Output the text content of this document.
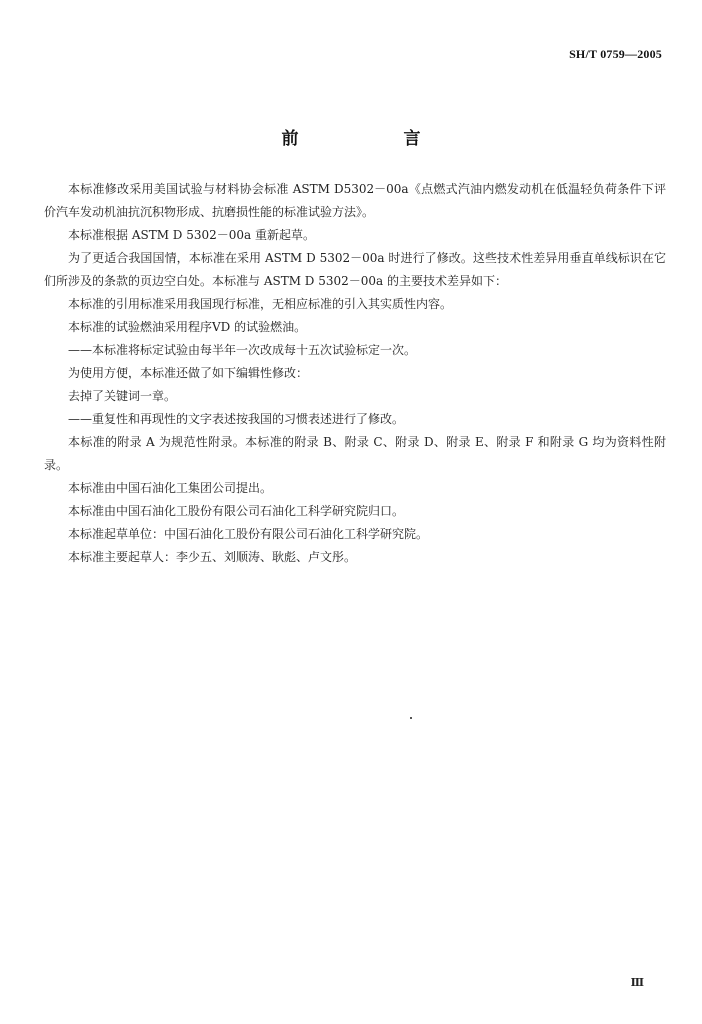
SH/T 0759—2005
前　言

本标准修改采用美国试验与材料协会标准 ASTM D5302－00a《点燃式汽油内燃发动机在低温轻负荷条件下评价汽车发动机油抗沉积物形成、抗磨损性能的标准试验方法》。

本标准根据 ASTM D 5302－00a 重新起草。

为了更适合我国国情，本标准在采用 ASTM D 5302－00a 时进行了修改。这些技术性差异用垂直单线标识在它们所涉及的条款的页边空白处。本标准与 ASTM D 5302－00a 的主要技术差异如下：

本标准的引用标准采用我国现行标准，无相应标准的引入其实质性内容。

本标准的试验燃油采用程序ⅤD 的试验燃油。

——本标准将标定试验由每半年一次改成每十五次试验标定一次。

为使用方便，本标准还做了如下编辑性修改：

去掉了关键词一章。

——重复性和再现性的文字表述按我国的习惯表述进行了修改。

本标准的附录 A 为规范性附录。本标准的附录 B、附录 C、附录 D、附录 E、附录 F 和附录 G 均为资料性附录。

本标准由中国石油化工集团公司提出。

本标准由中国石油化工股份有限公司石油化工科学研究院归口。

本标准起草单位：中国石油化工股份有限公司石油化工科学研究院。

本标准主要起草人：李少五、刘顺涛、耿彪、卢文彤。

Ⅲ
